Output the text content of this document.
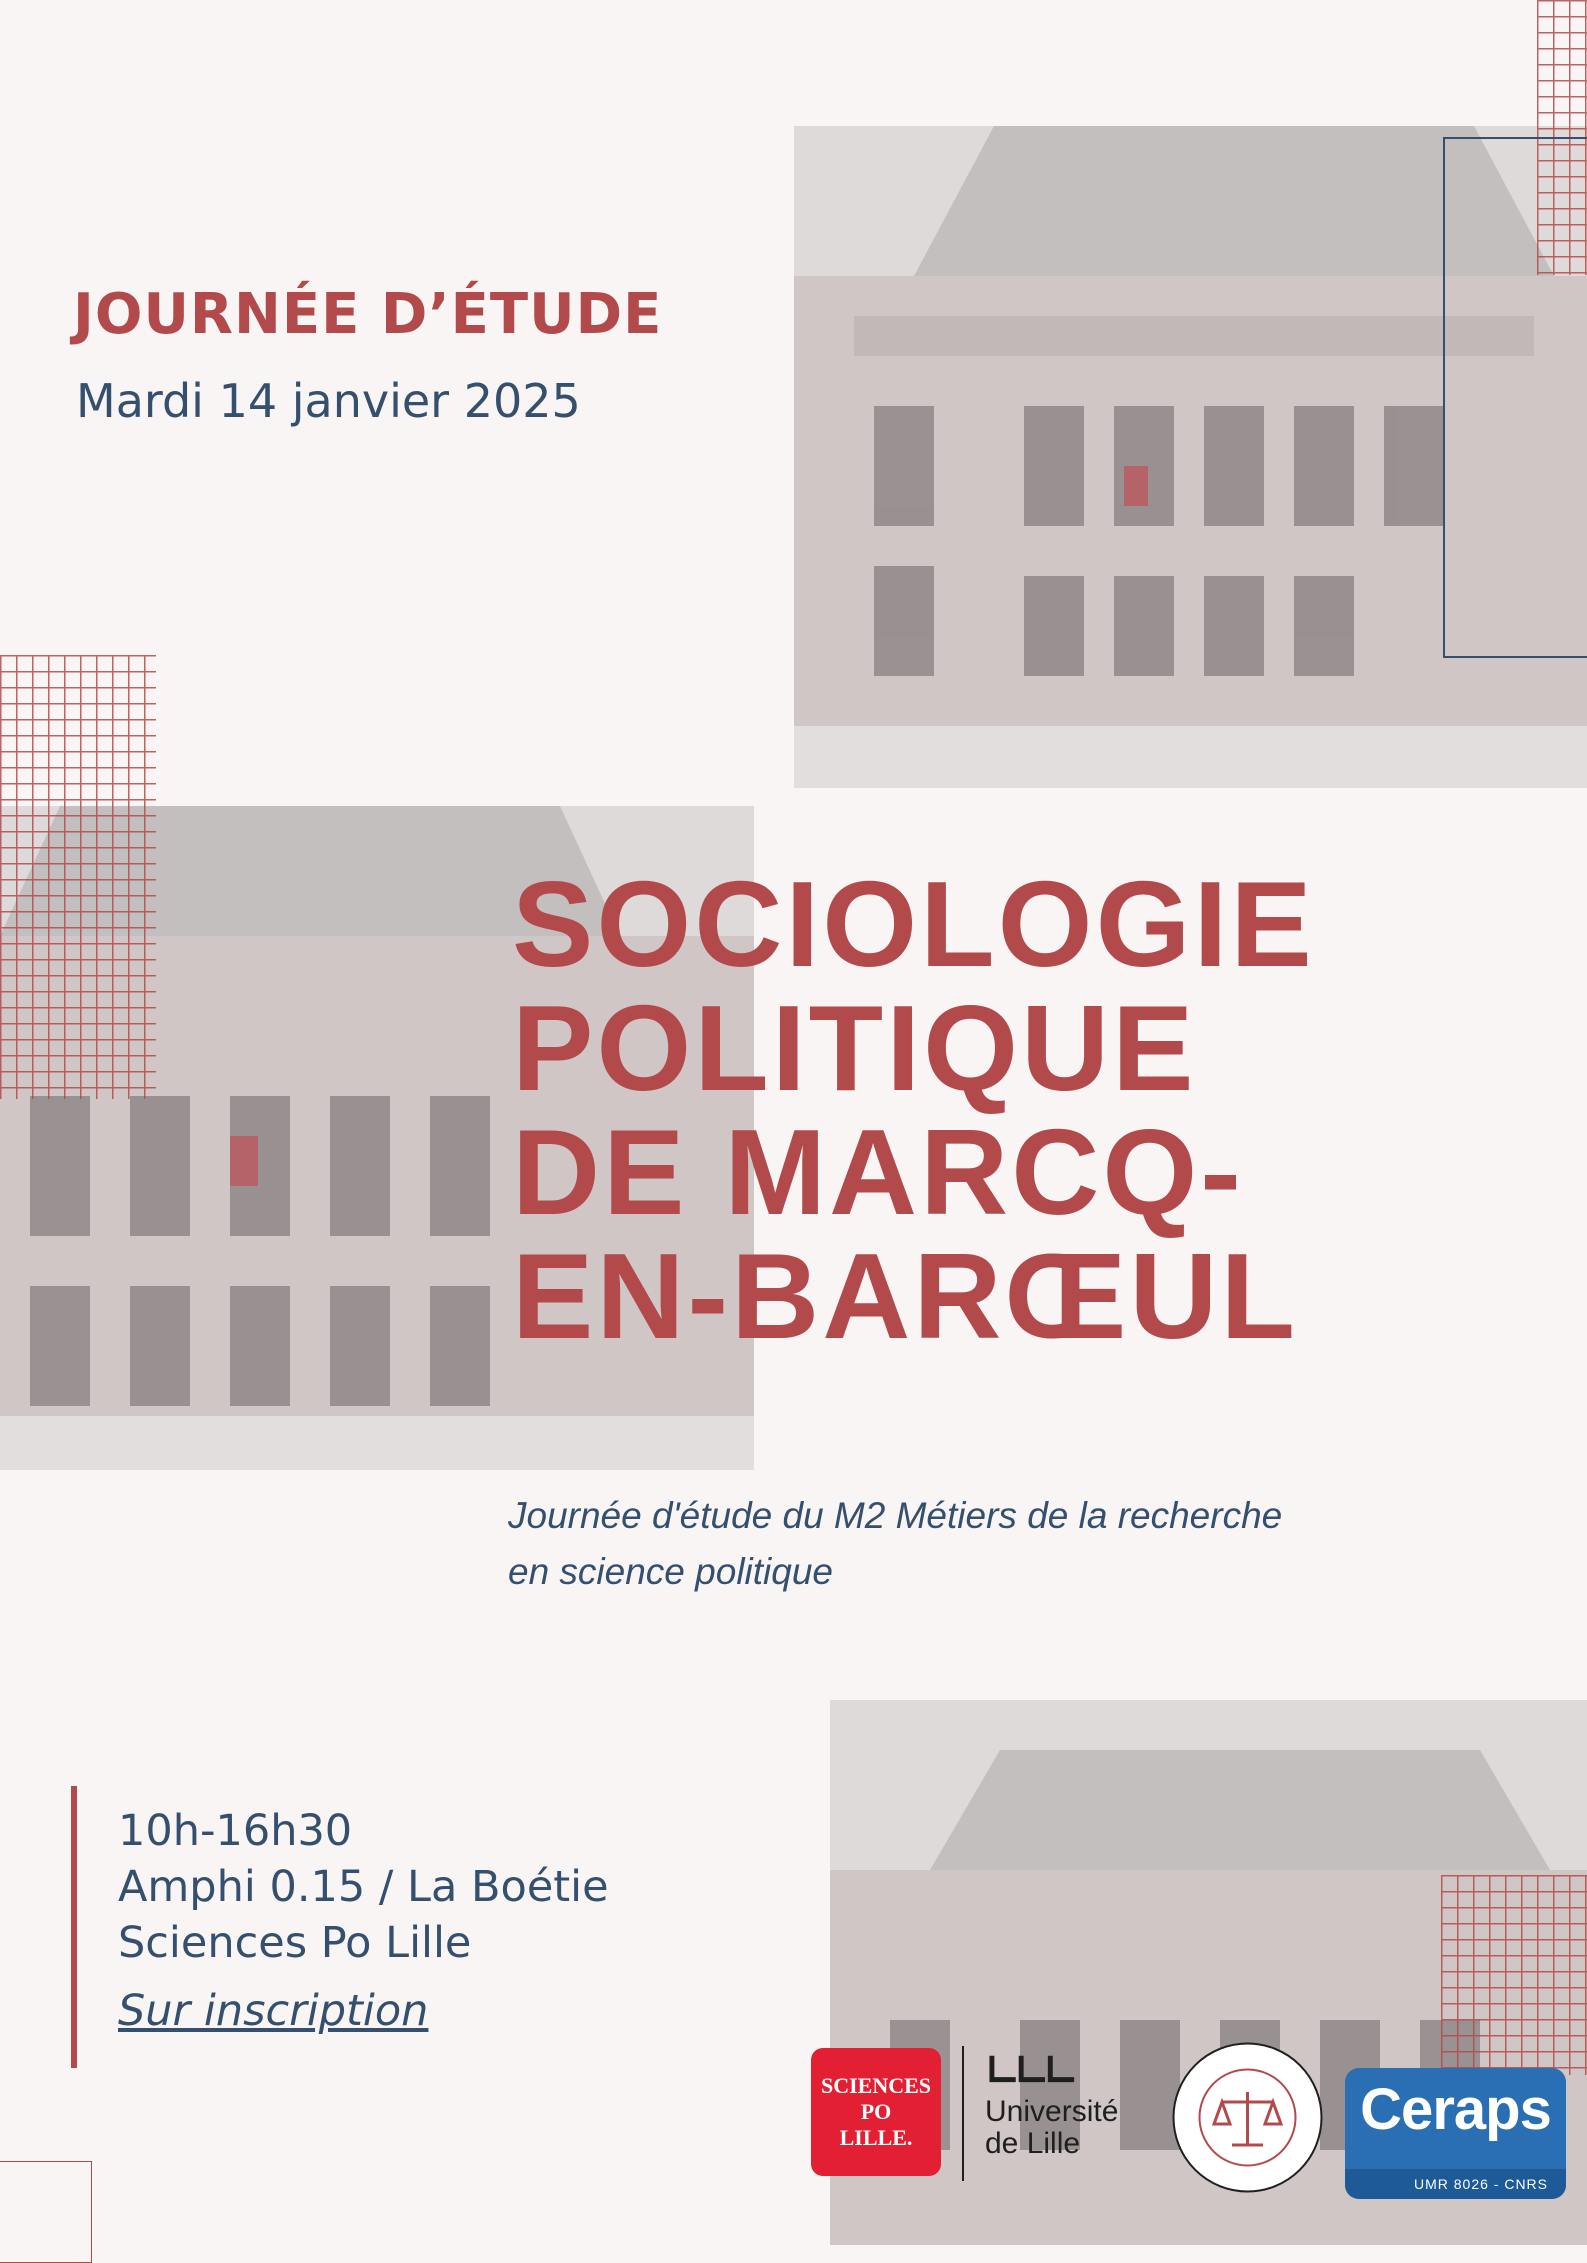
JOURNÉE D’ÉTUDE

Mardi 14 janvier 2025

SOCIOLOGIE
POLITIQUE
DE MARCQ-
EN-BARŒUL

Journée d'étude du M2 Métiers de la recherche
en science politique

10h-16h30
Amphi 0.15 / La Boétie
Sciences Po Lille
Sur inscription
SCIENCES
PO
LILLE.
∟∟∟
Université
de Lille
Ceraps
UMR 8026 - CNRS
